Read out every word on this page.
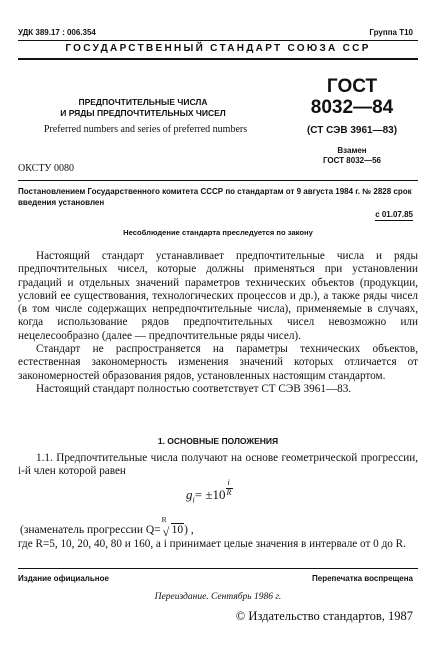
УДК 389.17 : 006.354	Группа Т10
ГОСУДАРСТВЕННЫЙ СТАНДАРТ СОЮЗА ССР
ПРЕДПОЧТИТЕЛЬНЫЕ ЧИСЛА
И РЯДЫ ПРЕДПОЧТИТЕЛЬНЫХ ЧИСЕЛ
Preferred numbers and series of preferred numbers
ОКСТУ 0080
ГОСТ
8032—84
(СТ СЭВ 3961—83)
Взамен
ГОСТ 8032—56
Постановлением Государственного комитета СССР по стандартам от 9 августа 1984 г. № 2828 срок введения установлен
с 01.07.85
Несоблюдение стандарта преследуется по закону

Настоящий стандарт устанавливает предпочтительные числа и ряды предпочтительных чисел, которые должны применяться при установлении градаций и отдельных значений параметров технических объектов (продукции, условий ее существования, технологических процессов и др.), а также ряды чисел (в том числе содержащих непредпочтительные числа), применяемые в случаях, когда использование рядов предпочтительных чисел невозможно или нецелесообразно (далее — предпочтительные ряды чисел).

Стандарт не распространяется на параметры технических объектов, естественная закономерность изменения значений которых отличается от закономерностей образования рядов, установленных настоящим стандартом.

Настоящий стандарт полностью соответствует СТ СЭВ 3961—83.

1. ОСНОВНЫЕ ПОЛОЖЕНИЯ

1.1. Предпочтительные числа получают на основе геометрической прогрессии, i-й член которой равен

$g_i= \pm 10 \frac{i}{R}$
(знаменатель прогрессии Q=
R
√ 10) ,

где R=5, 10, 20, 40, 80 и 160, а i принимает целые значения в интервале от 0 до R.

Издание официальное	Перепечатка воспрещена
Переиздание. Сентябрь 1986 г.
© Издательство стандартов, 1987
